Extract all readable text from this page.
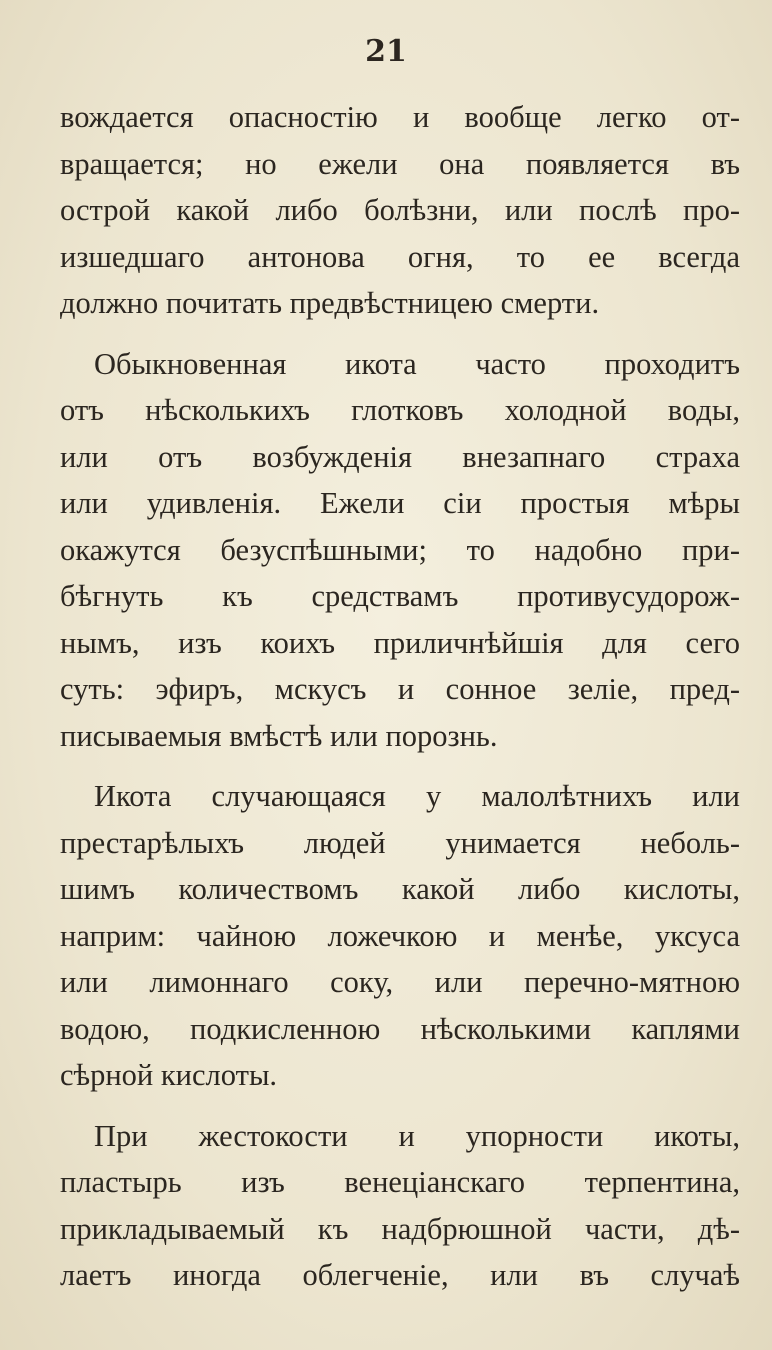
21
вождается опасностію и вообще легко от-
вращается; но ежели она появляется въ
острой какой либо болѣзни, или послѣ про-
изшедшаго антонова огня, то ее всегда
должно почитать предвѣстницею смерти.
Обыкновенная икота часто проходитъ
отъ нѣсколькихъ глотковъ холодной воды,
или отъ возбужденія внезапнаго страха
или удивленія. Ежели сіи простыя мѣры
окажутся безуспѣшными; то надобно при-
бѣгнуть къ средствамъ противусудорож-
нымъ, изъ коихъ приличнѣйшія для сего
суть: эфиръ, мскусъ и сонное зеліе, пред-
писываемыя вмѣстѣ или порознь.
Икота случающаяся у малолѣтнихъ или
престарѣлыхъ людей унимается неболь-
шимъ количествомъ какой либо кислоты,
наприм: чайною ложечкою и менѣе, уксуса
или лимоннаго соку, или перечно-мятною
водою, подкисленною нѣсколькими каплями
сѣрной кислоты.
При жестокости и упорности икоты,
пластырь изъ венеціанскаго терпентина,
прикладываемый къ надбрюшной части, дѣ-
лаетъ иногда облегченіе, или въ случаѣ
